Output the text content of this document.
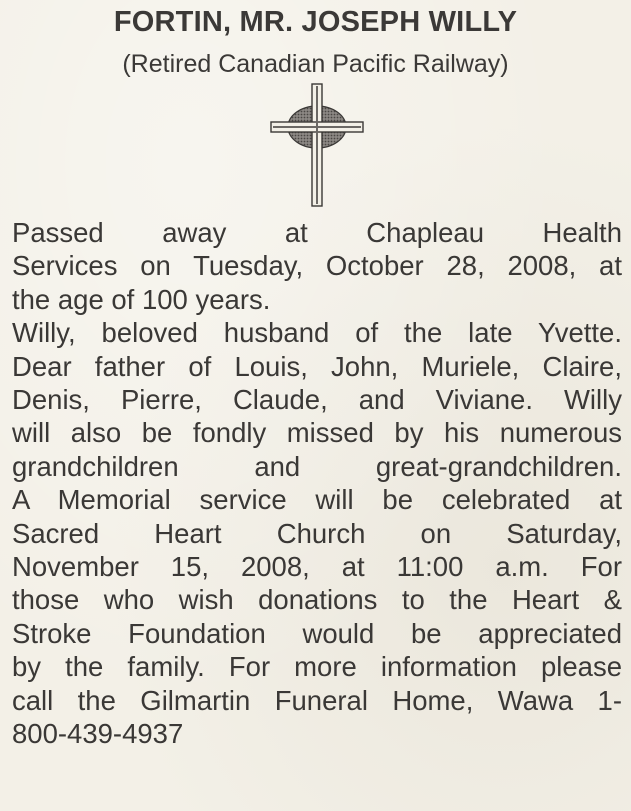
FORTIN, MR. JOSEPH WILLY
(Retired Canadian Pacific Railway)
Passed away at Chapleau Health
Services on Tuesday, October 28, 2008, at
the age of 100 years.
Willy, beloved husband of the late Yvette.
Dear father of Louis, John, Muriele, Claire,
Denis, Pierre, Claude, and Viviane. Willy
will also be fondly missed by his numerous
grandchildren and great-grandchildren.
A Memorial service will be celebrated at
Sacred Heart Church on Saturday,
November 15, 2008, at 11:00 a.m. For
those who wish donations to the Heart &
Stroke Foundation would be appreciated
by the family. For more information please
call the Gilmartin Funeral Home, Wawa 1-
800-439-4937
